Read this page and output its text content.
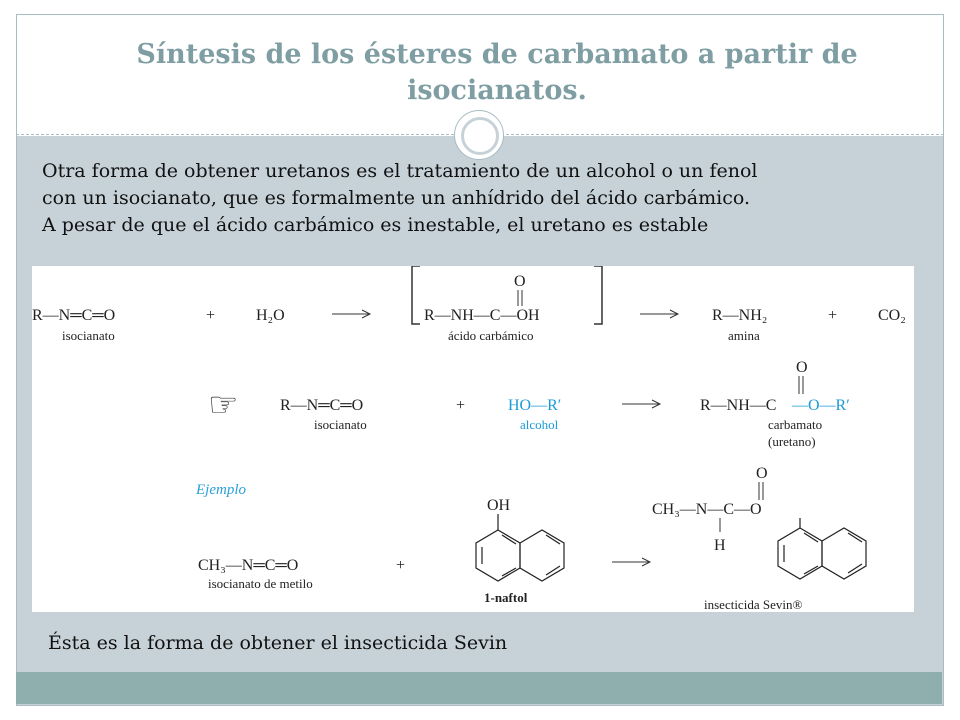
Síntesis de los ésteres de carbamato a partir de isocianatos.
Otra forma de obtener uretanos es el tratamiento de un alcohol o un fenol
con un isocianato, que es formalmente un anhídrido del ácido carbámico.
A pesar de que el ácido carbámico es inestable, el uretano es estable
R—N═C═O
isocianato
+	H₂O	R—NH—C—OH
O
ácido carbámico
R—NH₂
amina
+	CO₂
☞	R—N═C═O
isocianato
+	HO—R′
alcohol
R—NH—C —O—R′
O
carbamato
(uretano)
Ejemplo
CH₃—N═C═O
isocianato de metilo
+
OH
1-naftol
CH₃—N—C—O
O
H
insecticida Sevin®
Ésta es la forma de obtener el insecticida Sevin
